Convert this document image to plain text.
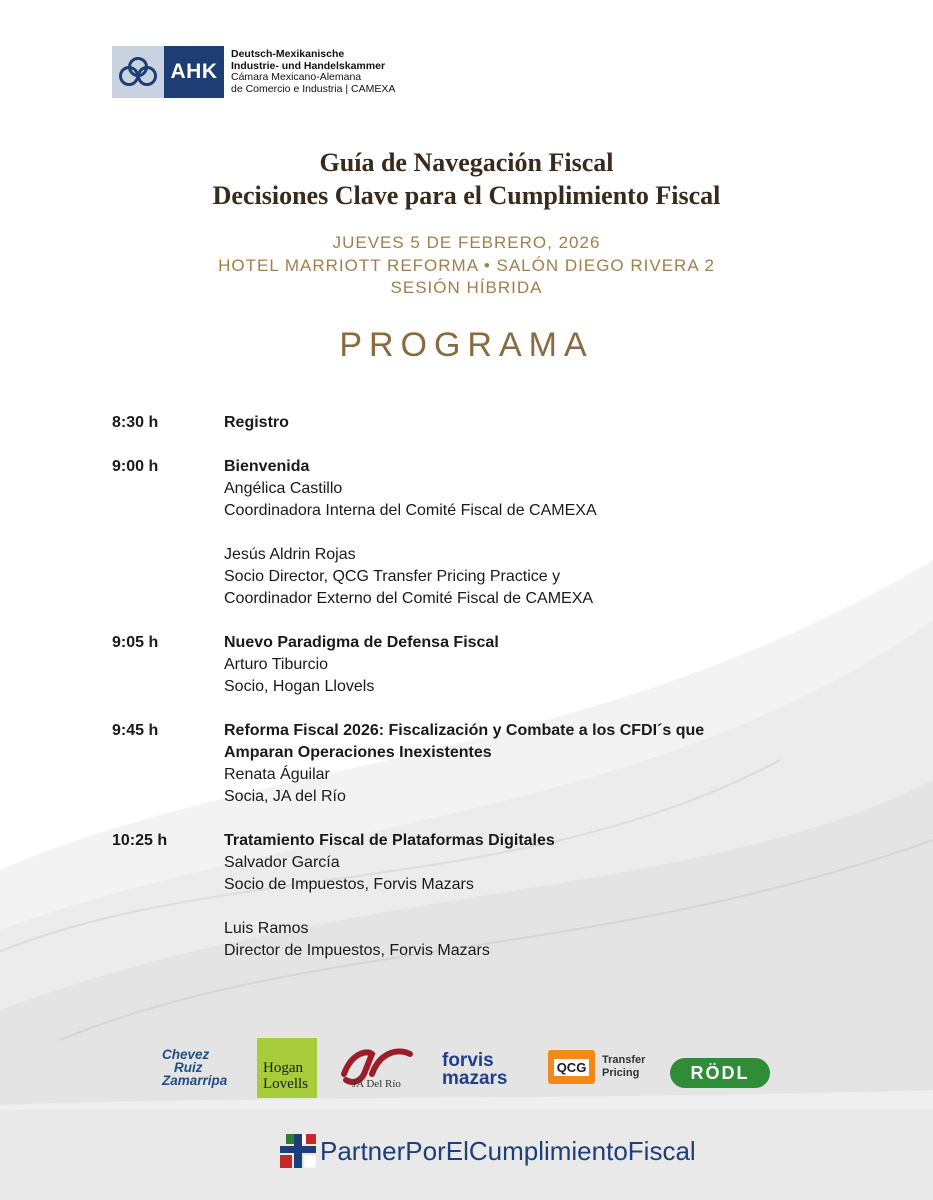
AHK
Deutsch-Mexikanische
Industrie- und Handelskammer
Cámara Mexicano-Alemana
de Comercio e Industria | CAMEXA
Guía de Navegación Fiscal
Decisiones Clave para el Cumplimiento Fiscal
JUEVES 5 DE FEBRERO, 2026
HOTEL MARRIOTT REFORMA • SALÓN DIEGO RIVERA 2
SESIÓN HÍBRIDA
PROGRAMA
8:30 h	Registro
9:00 h	Bienvenida
Angélica Castillo
Coordinadora Interna del Comité Fiscal de CAMEXA
Jesús Aldrin Rojas
Socio Director, QCG Transfer Pricing Practice y
Coordinador Externo del Comité Fiscal de CAMEXA
9:05 h	Nuevo Paradigma de Defensa Fiscal
Arturo Tiburcio
Socio, Hogan Llovels
9:45 h	Reforma Fiscal 2026: Fiscalización y Combate a los CFDI´s que
Amparan Operaciones Inexistentes
Renata Águilar
Socia, JA del Río
10:25 h	Tratamiento Fiscal de Plataformas Digitales
Salvador García
Socio de Impuestos, Forvis Mazars
Luis Ramos
Director de Impuestos, Forvis Mazars
Chevez
Ruiz
Zamarripa
Hogan
Lovells	JA Del Río
forvis
mazars
QCG Transfer
Pricing	RÖDL
PartnerPorElCumplimientoFiscal
